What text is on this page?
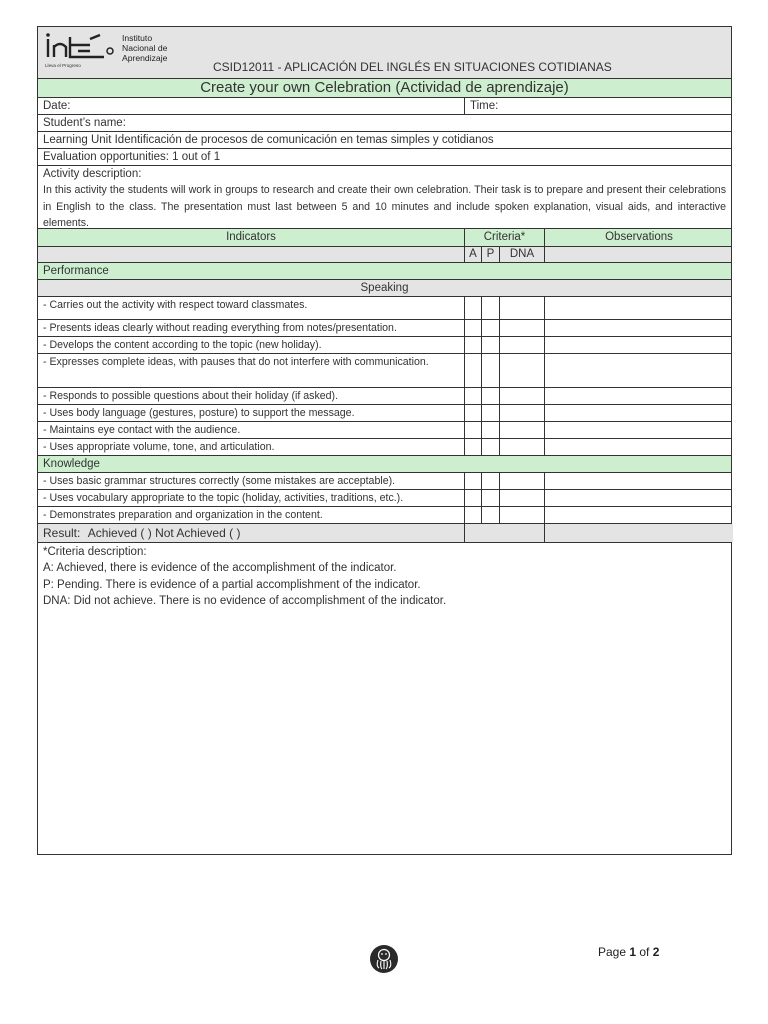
Lleva el Progreso
Instituto
Nacional de
Aprendizaje
CSID12011 - APLICACIÓN DEL INGLÉS EN SITUACIONES COTIDIANAS
Create your own Celebration (Actividad de aprendizaje)
Date:	Time:
Student’s name:
Learning Unit Identificación de procesos de comunicación en temas simples y cotidianos
Evaluation opportunities: 1 out of 1
Activity description:
In this activity the students will work in groups to research and create their own celebration. Their task is to prepare and present their celebrations in English to the class. The presentation must last between 5 and 10 minutes and include spoken explanation, visual aids, and interactive elements.
Indicators	Criteria*	Observations
A P	DNA
Performance
Speaking
- Carries out the activity with respect toward classmates.
- Presents ideas clearly without reading everything from notes/presentation.
- Develops the content according to the topic (new holiday).
- Expresses complete ideas, with pauses that do not interfere with communication.
- Responds to possible questions about their holiday (if asked).
- Uses body language (gestures, posture) to support the message.
- Maintains eye contact with the audience.
- Uses appropriate volume, tone, and articulation.
Knowledge
- Uses basic grammar structures correctly (some mistakes are acceptable).
- Uses vocabulary appropriate to the topic (holiday, activities, traditions, etc.).
- Demonstrates preparation and organization in the content.
Result: Achieved ( ) Not Achieved ( )
*Criteria description:
A: Achieved, there is evidence of the accomplishment of the indicator.
P: Pending. There is evidence of a partial accomplishment of the indicator.
DNA: Did not achieve. There is no evidence of accomplishment of the indicator.
Page 1 of 2
